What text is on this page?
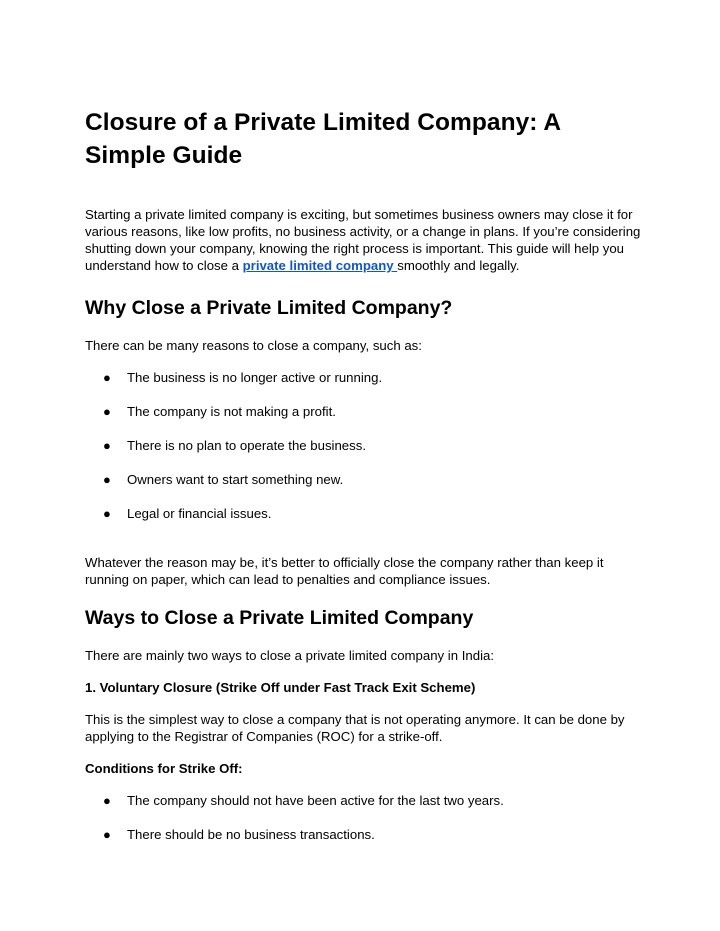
Closure of a Private Limited Company: A Simple Guide

Starting a private limited company is exciting, but sometimes business owners may close it for various reasons, like low profits, no business activity, or a change in plans. If you’re considering shutting down your company, knowing the right process is important. This guide will help you understand how to close a private limited company smoothly and legally.

Why Close a Private Limited Company?

There can be many reasons to close a company, such as:

● The business is no longer active or running.
● The company is not making a profit.
● There is no plan to operate the business.
● Owners want to start something new.
● Legal or financial issues.

Whatever the reason may be, it’s better to officially close the company rather than keep it running on paper, which can lead to penalties and compliance issues.

Ways to Close a Private Limited Company

There are mainly two ways to close a private limited company in India:

1. Voluntary Closure (Strike Off under Fast Track Exit Scheme)

This is the simplest way to close a company that is not operating anymore. It can be done by applying to the Registrar of Companies (ROC) for a strike-off.

Conditions for Strike Off:

● The company should not have been active for the last two years.
● There should be no business transactions.
